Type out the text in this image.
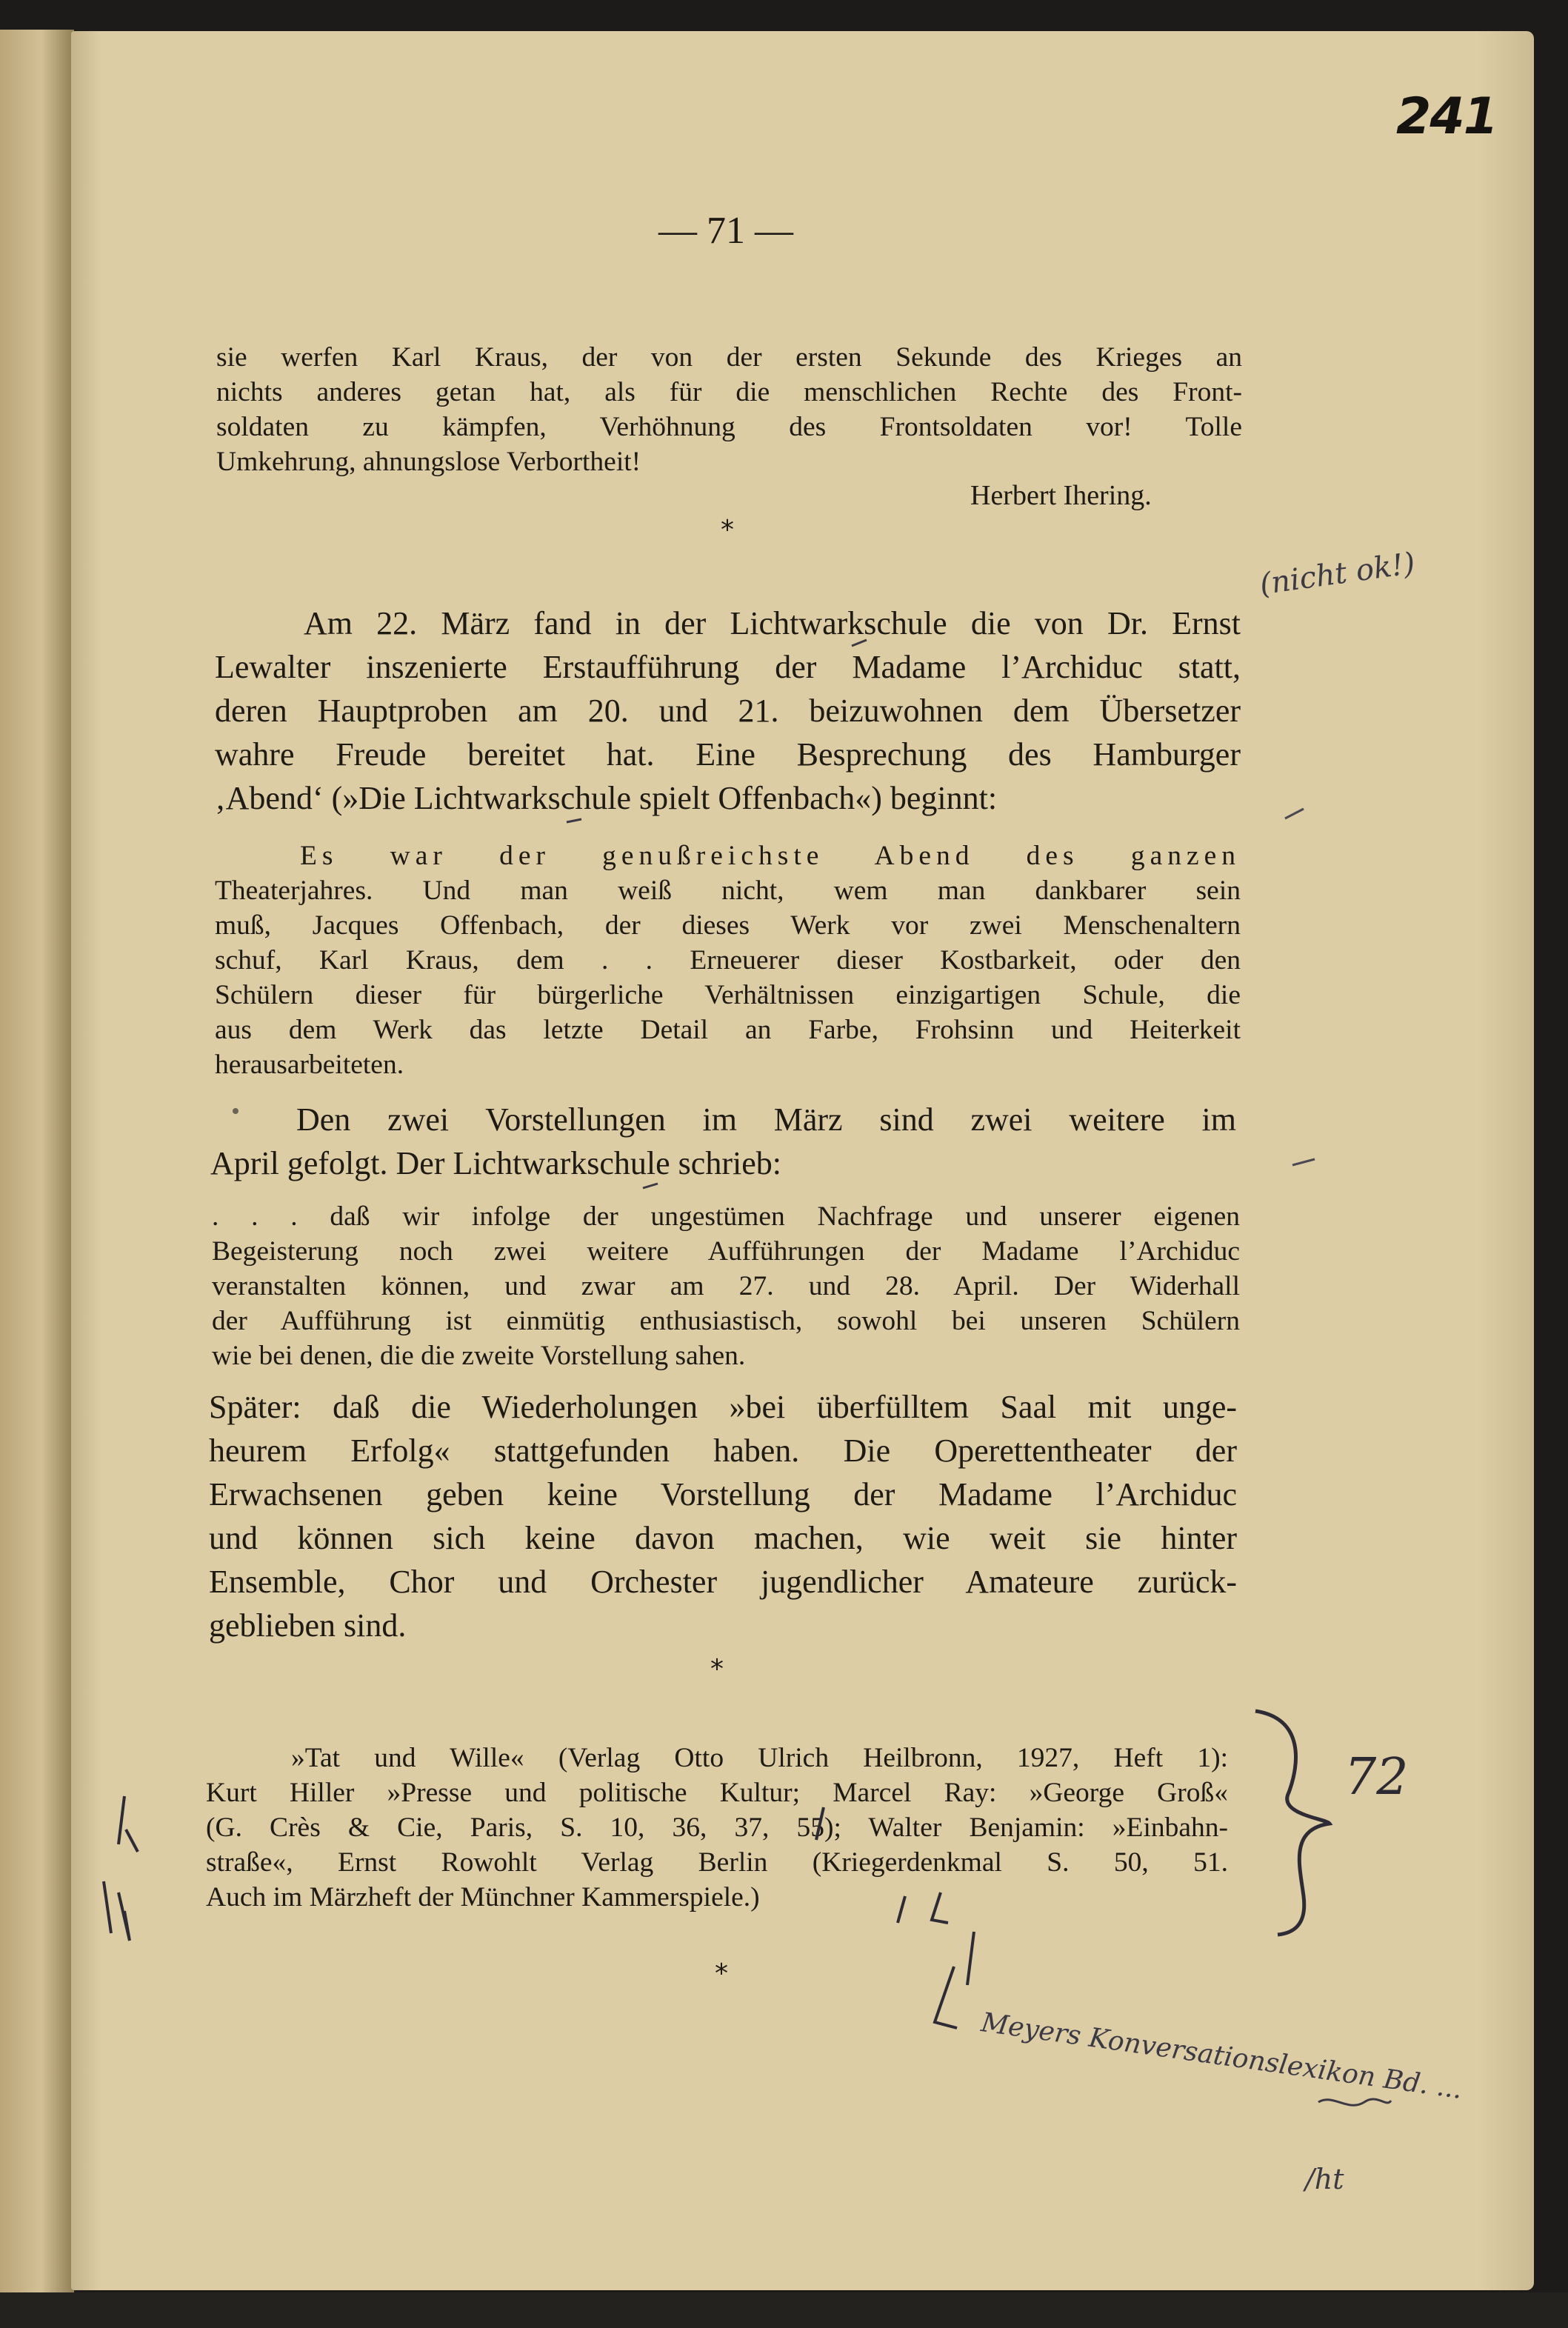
241
— 71 —

sie werfen Karl Kraus, der von der ersten Sekunde des Krieges an

nichts anderes getan hat, als für die menschlichen Rechte des Front-

soldaten zu kämpfen, Verhöhnung des Frontsoldaten vor! Tolle

Umkehrung, ahnungslose Verbortheit!

Herbert Ihering.
*

Am 22. März fand in der Lichtwarkschule die von Dr. Ernst

Lewalter inszenierte Erstaufführung der Madame l’Archiduc statt,

deren Hauptproben am 20. und 21. beizuwohnen dem Übersetzer

wahre Freude bereitet hat. Eine Besprechung des Hamburger

‚Abend‘ (»Die Lichtwarkschule spielt Offenbach«) beginnt:

Es war der genußreichste Abend des ganzen

Theaterjahres. Und man weiß nicht, wem man dankbarer sein

muß, Jacques Offenbach, der dieses Werk vor zwei Menschenaltern

schuf, Karl Kraus, dem . . Erneuerer dieser Kostbarkeit, oder den

Schülern dieser für bürgerliche Verhältnissen einzigartigen Schule, die

aus dem Werk das letzte Detail an Farbe, Frohsinn und Heiterkeit

herausarbeiteten.

Den zwei Vorstellungen im März sind zwei weitere im

April gefolgt. Der Lichtwarkschule schrieb:

. . . daß wir infolge der ungestümen Nachfrage und unserer eigenen

Begeisterung noch zwei weitere Aufführungen der Madame l’Archiduc

veranstalten können, und zwar am 27. und 28. April. Der Widerhall

der Aufführung ist einmütig enthusiastisch, sowohl bei unseren Schülern

wie bei denen, die die zweite Vorstellung sahen.

Später: daß die Wiederholungen »bei überfülltem Saal mit unge-

heurem Erfolg« stattgefunden haben. Die Operettentheater der

Erwachsenen geben keine Vorstellung der Madame l’Archiduc

und können sich keine davon machen, wie weit sie hinter

Ensemble, Chor und Orchester jugendlicher Amateure zurück-

geblieben sind.

*

»Tat und Wille« (Verlag Otto Ulrich Heilbronn, 1927, Heft 1):

Kurt Hiller »Presse und politische Kultur; Marcel Ray: »George Groß«

(G. Crès & Cie, Paris, S. 10, 36, 37, 55); Walter Benjamin: »Einbahn-

straße«, Ernst Rowohlt Verlag Berlin (Kriegerdenkmal S. 50, 51.

Auch im Märzheft der Münchner Kammerspiele.)

*
(nicht ok!)
72
Meyers Konversationslexikon Bd. ...
/ht
